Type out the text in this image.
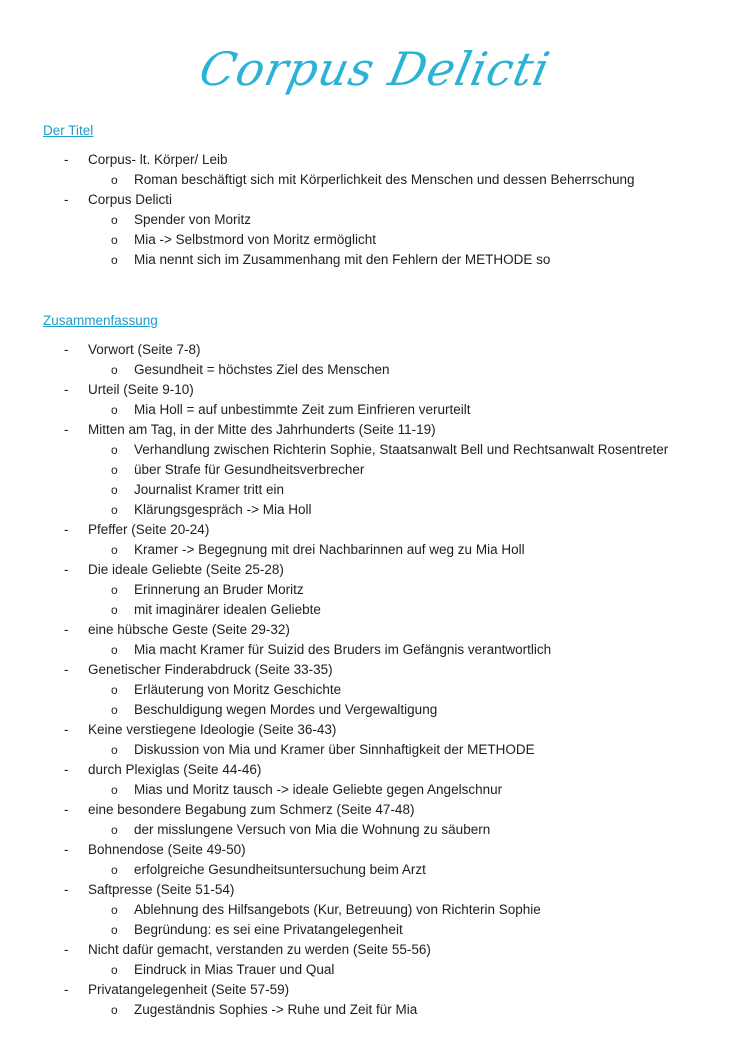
Corpus Delicti
Der Titel
- Corpus- lt. Körper/ Leib
o Roman beschäftigt sich mit Körperlichkeit des Menschen und dessen Beherrschung
- Corpus Delicti
o Spender von Moritz
o Mia -> Selbstmord von Moritz ermöglicht
o Mia nennt sich im Zusammenhang mit den Fehlern der METHODE so
Zusammenfassung
- Vorwort (Seite 7-8)
o Gesundheit = höchstes Ziel des Menschen
- Urteil (Seite 9-10)
o Mia Holl = auf unbestimmte Zeit zum Einfrieren verurteilt
- Mitten am Tag, in der Mitte des Jahrhunderts (Seite 11-19)
o Verhandlung zwischen Richterin Sophie, Staatsanwalt Bell und Rechtsanwalt Rosentreter
o über Strafe für Gesundheitsverbrecher
o Journalist Kramer tritt ein
o Klärungsgespräch -> Mia Holl
- Pfeffer (Seite 20-24)
o Kramer -> Begegnung mit drei Nachbarinnen auf weg zu Mia Holl
- Die ideale Geliebte (Seite 25-28)
o Erinnerung an Bruder Moritz
o mit imaginärer idealen Geliebte
- eine hübsche Geste (Seite 29-32)
o Mia macht Kramer für Suizid des Bruders im Gefängnis verantwortlich
- Genetischer Finderabdruck (Seite 33-35)
o Erläuterung von Moritz Geschichte
o Beschuldigung wegen Mordes und Vergewaltigung
- Keine verstiegene Ideologie (Seite 36-43)
o Diskussion von Mia und Kramer über Sinnhaftigkeit der METHODE
- durch Plexiglas (Seite 44-46)
o Mias und Moritz tausch -> ideale Geliebte gegen Angelschnur
- eine besondere Begabung zum Schmerz (Seite 47-48)
o der misslungene Versuch von Mia die Wohnung zu säubern
- Bohnendose (Seite 49-50)
o erfolgreiche Gesundheitsuntersuchung beim Arzt
- Saftpresse (Seite 51-54)
o Ablehnung des Hilfsangebots (Kur, Betreuung) von Richterin Sophie
o Begründung: es sei eine Privatangelegenheit
- Nicht dafür gemacht, verstanden zu werden (Seite 55-56)
o Eindruck in Mias Trauer und Qual
- Privatangelegenheit (Seite 57-59)
o Zugeständnis Sophies -> Ruhe und Zeit für Mia
